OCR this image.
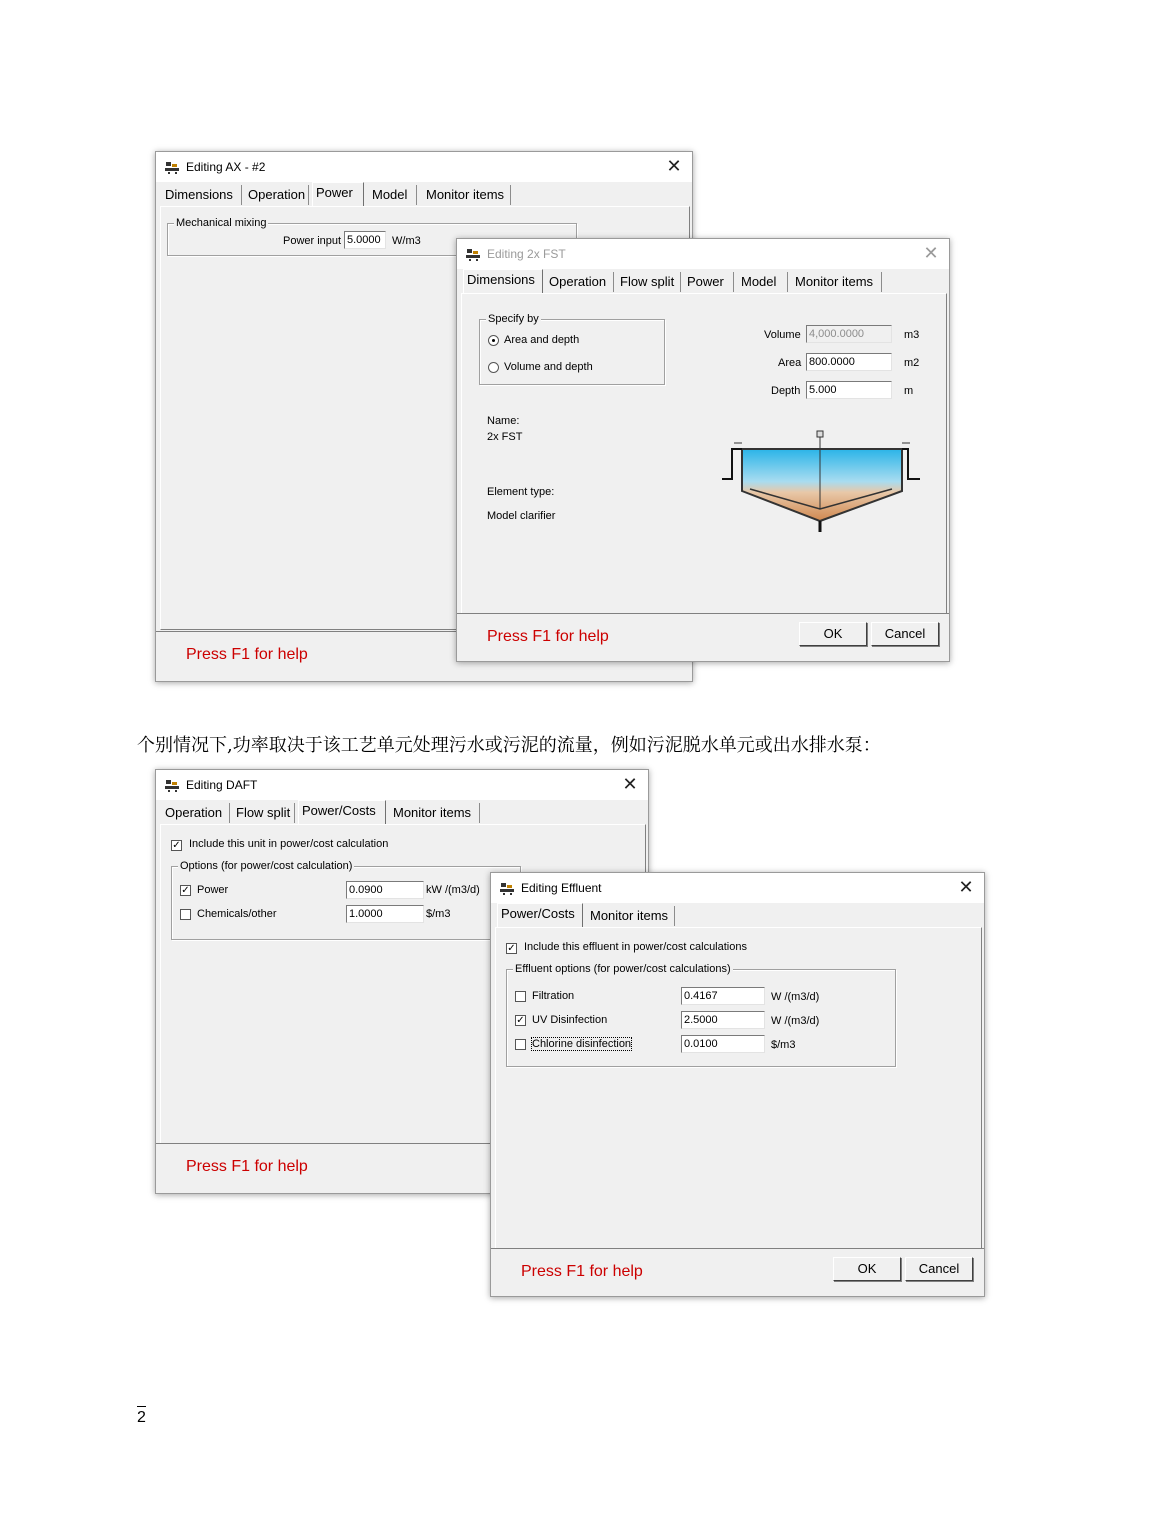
Editing AX - #2	✕
Dimensions	Operation Power	Model	Monitor items
Mechanical mixing
Power input 5.0000	W/m3
Press F1 for help
Editing 2x FST	✕
Dimensions	Operation	Flow split Power	Model	Monitor items
Specify by
Area and depth
Volume and depth
Volume 4,000.0000	m3
Area 800.0000	m2
Depth 5.000	m
Name:
2x FST
Element type:
Model clarifier
Press F1 for help	OK	Cancel
个别情况下,功率取决于该工艺单元处理污水或污泥的流量，例如污泥脱水单元或出水排水泵：
Editing DAFT	✕
Operation	Flow split Power/Costs	Monitor items
✓ Include this unit in power/cost calculation
Options (for power/cost calculation)
✓ Power	0.0900	kW /(m3/d)
Chemicals/other	1.0000	$/m3
Press F1 for help
Editing Effluent	✕
Power/Costs	Monitor items
✓ Include this effluent in power/cost calculations
Effluent options (for power/cost calculations)
Filtration	0.4167	W /(m3/d)
✓ UV Disinfection	2.5000	W /(m3/d)
Chlorine disinfection	0.0100	$/m3
Press F1 for help	OK	Cancel
2
